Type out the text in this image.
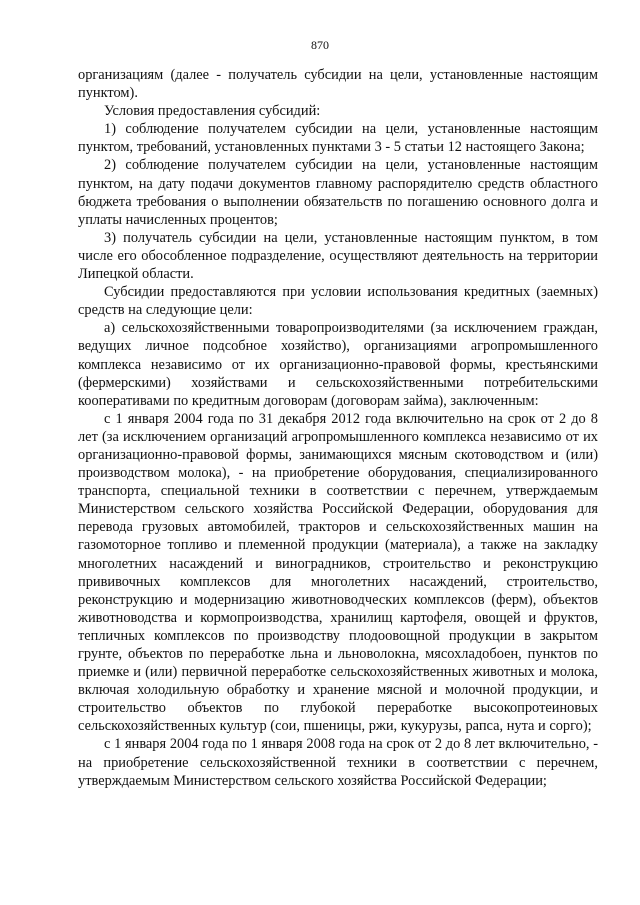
870

организациям (далее - получатель субсидии на цели, установленные настоящим пунктом).

Условия предоставления субсидий:

1) соблюдение получателем субсидии на цели, установленные настоящим пунктом, требований, установленных пунктами 3 - 5 статьи 12 настоящего Закона;

2) соблюдение получателем субсидии на цели, установленные настоящим пунктом, на дату подачи документов главному распорядителю средств областного бюджета требования о выполнении обязательств по погашению основного долга и уплаты начисленных процентов;

3) получатель субсидии на цели, установленные настоящим пунктом, в том числе его обособленное подразделение, осуществляют деятельность на территории Липецкой области.

Субсидии предоставляются при условии использования кредитных (заемных) средств на следующие цели:

а) сельскохозяйственными товаропроизводителями (за исключением граждан, ведущих личное подсобное хозяйство), организациями агропромышленного комплекса независимо от их организационно-правовой формы, крестьянскими (фермерскими) хозяйствами и сельскохозяйственными потребительскими кооперативами по кредитным договорам (договорам займа), заключенным:

с 1 января 2004 года по 31 декабря 2012 года включительно на срок от 2 до 8 лет (за исключением организаций агропромышленного комплекса независимо от их организационно-правовой формы, занимающихся мясным скотоводством и (или) производством молока), - на приобретение оборудования, специализированного транспорта, специальной техники в соответствии с перечнем, утверждаемым Министерством сельского хозяйства Российской Федерации, оборудования для перевода грузовых автомобилей, тракторов и сельскохозяйственных машин на газомоторное топливо и племенной продукции (материала), а также на закладку многолетних насаждений и виноградников, строительство и реконструкцию прививочных комплексов для многолетних насаждений, строительство, реконструкцию и модернизацию животноводческих комплексов (ферм), объектов животноводства и кормопроизводства, хранилищ картофеля, овощей и фруктов, тепличных комплексов по производству плодоовощной продукции в закрытом грунте, объектов по переработке льна и льноволокна, мясохладобоен, пунктов по приемке и (или) первичной переработке сельскохозяйственных животных и молока, включая холодильную обработку и хранение мясной и молочной продукции, и строительство объектов по глубокой переработке высокопротеиновых сельскохозяйственных культур (сои, пшеницы, ржи, кукурузы, рапса, нута и сорго);

с 1 января 2004 года по 1 января 2008 года на срок от 2 до 8 лет включительно, - на приобретение сельскохозяйственной техники в соответствии с перечнем, утверждаемым Министерством сельского хозяйства Российской Федерации;
